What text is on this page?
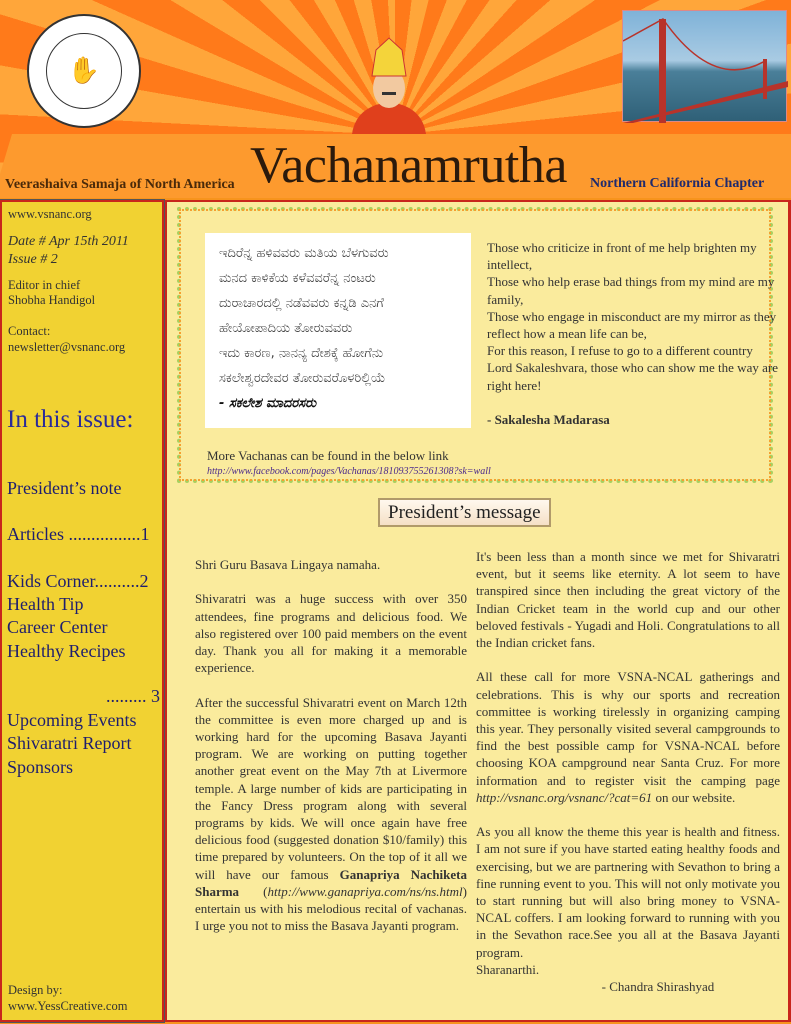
✋
Vachanamrutha
Veerashaiva Samaja of North America	Northern California Chapter
www.vsnanc.org
Date # Apr 15th 2011
Issue # 2
Editor in chief
Shobha Handigol
Contact:
newsletter@vsnanc.org
In this issue:
President’s note
Articles ................1
Kids Corner..........2
Health Tip
Career Center
Healthy Recipes
......... 3
Upcoming Events
Shivaratri Report
Sponsors
Design by:
www.YessCreative.com
ಇದಿರೆನ್ನ ಹಳಿವವರು ಮತಿಯ ಬೆಳಗುವರು
ಮನದ ಕಾಳಿಕೆಯ ಕಳೆವವರೆನ್ನ ನಂಟರು
ದುರಾಚಾರದಲ್ಲಿ ನಡೆವವರು ಕನ್ನಡಿ ಎನಗೆ
ಹೇಯೋಪಾದಿಯ ತೋರುವವರು
ಇದು ಕಾರಣ, ನಾನನ್ಯ ದೇಶಕ್ಕೆ ಹೋಗೆನು
ಸಕಲೇಶ್ವರದೇವರ ತೋರುವರೊಳರಿಲ್ಲಿಯೆ
- ಸಕಲೇಶ ಮಾದರಸರು
Those who criticize in front of me help brighten my intellect,
Those who help erase bad things from my mind are my family,
Those who engage in misconduct are my mirror as they reflect how a mean life can be,
For this reason, I refuse to go to a different country
Lord Sakaleshvara, those who can show me the way are right here!
- Sakalesha Madarasa
More Vachanas can be found in the below link
http://www.facebook.com/pages/Vachanas/181093755261308?sk=wall
President’s message

Shri Guru Basava Lingaya namaha.

Shivaratri was a huge success with over 350 attendees, fine programs and delicious food. We also registered over 100 paid members on the event day. Thank you all for making it a memorable experience.

After the successful Shivaratri event on March 12th the committee is even more charged up and is working hard for the upcoming Basava Jayanti program. We are working on putting together another great event on the May 7th at Livermore temple. A large number of kids are participating in the Fancy Dress program along with several programs by kids. We will once again have free delicious food (suggested donation $10/family) this time prepared by volunteers. On the top of it all we will have our famous Ganapriya Nachiketa Sharma (http://www.ganapriya.com/ns/ns.html) entertain us with his melodious recital of vachanas. I urge you not to miss the Basava Jayanti program.

It's been less than a month since we met for Shivaratri event, but it seems like eternity. A lot seem to have transpired since then including the great victory of the Indian Cricket team in the world cup and our other beloved festivals - Yugadi and Holi. Congratulations to all the Indian cricket fans.

All these call for more VSNA-NCAL gatherings and celebrations. This is why our sports and recreation committee is working tirelessly in organizing camping this year. They personally visited several campgrounds to find the best possible camp for VSNA-NCAL before choosing KOA campground near Santa Cruz. For more information and to register visit the camping page http://vsnanc.org/vsnanc/?cat=61 on our website.

As you all know the theme this year is health and fitness. I am not sure if you have started eating healthy foods and exercising, but we are partnering with Sevathon to bring a fine running event to you. This will not only motivate you to start running but will also bring money to VSNA-NCAL coffers. I am looking forward to running with you in the Sevathon race.See you all at the Basava Jayanti program.
Sharanarthi.
- Chandra Shirashyad
